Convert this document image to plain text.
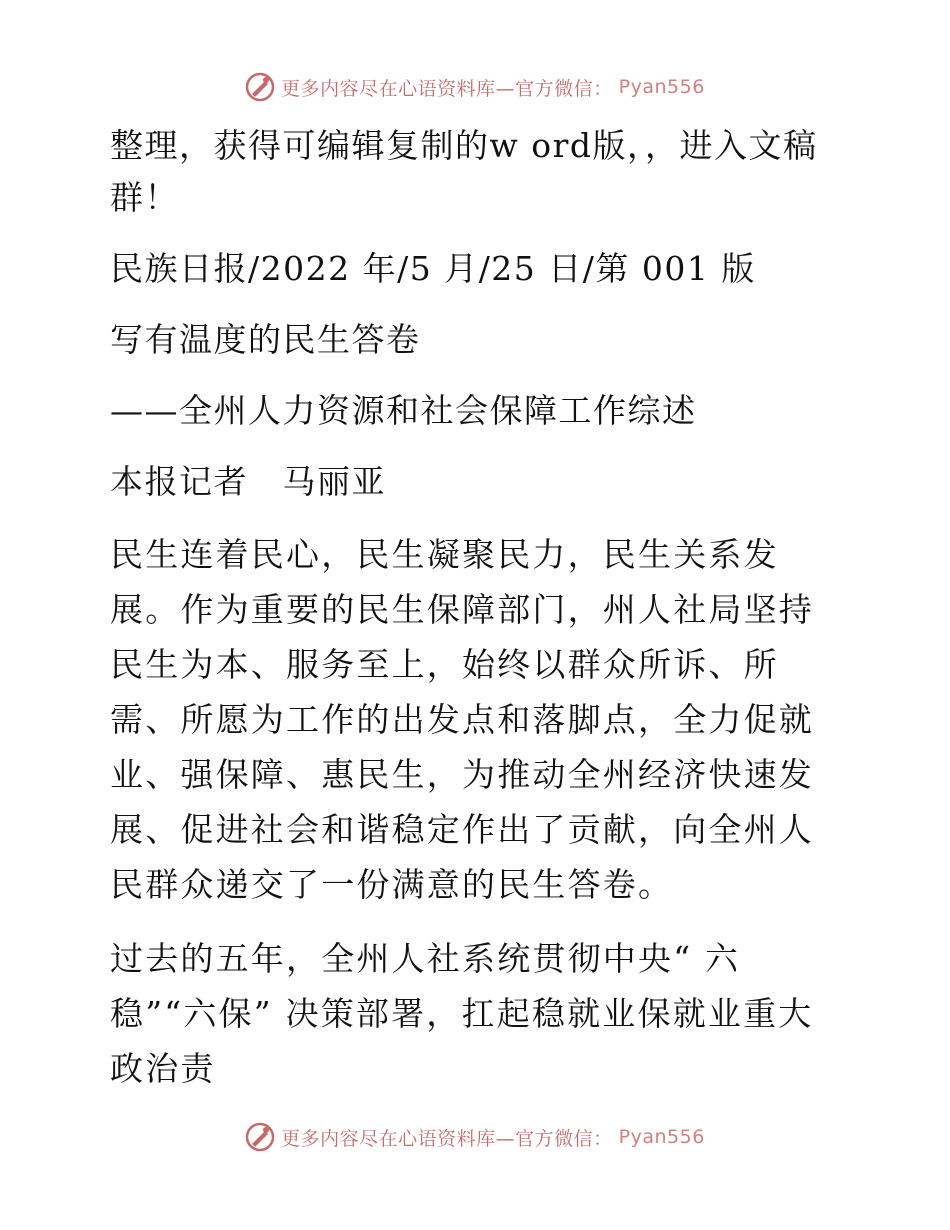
更多内容尽在心语资料库—官方微信： Pyan556

整理，获得可编辑复制的w ord版，，进入文稿群！

民族日报/2022 年/5 月/25 日/第 001 版

写有温度的民生答卷

——全州人力资源和社会保障工作综述

本报记者　马丽亚

民生连着民心，民生凝聚民力，民生关系发展。作为重要的民生保障部门，州人社局坚持民生为本、服务至上，始终以群众所诉、所需、所愿为工作的出发点和落脚点，全力促就业、强保障、惠民生，为推动全州经济快速发展、促进社会和谐稳定作出了贡献，向全州人民群众递交了一份满意的民生答卷。

过去的五年，全州人社系统贯彻中央“ 六稳”“六保” 决策部署，扛起稳就业保就业重大政治责

更多内容尽在心语资料库—官方微信： Pyan556
